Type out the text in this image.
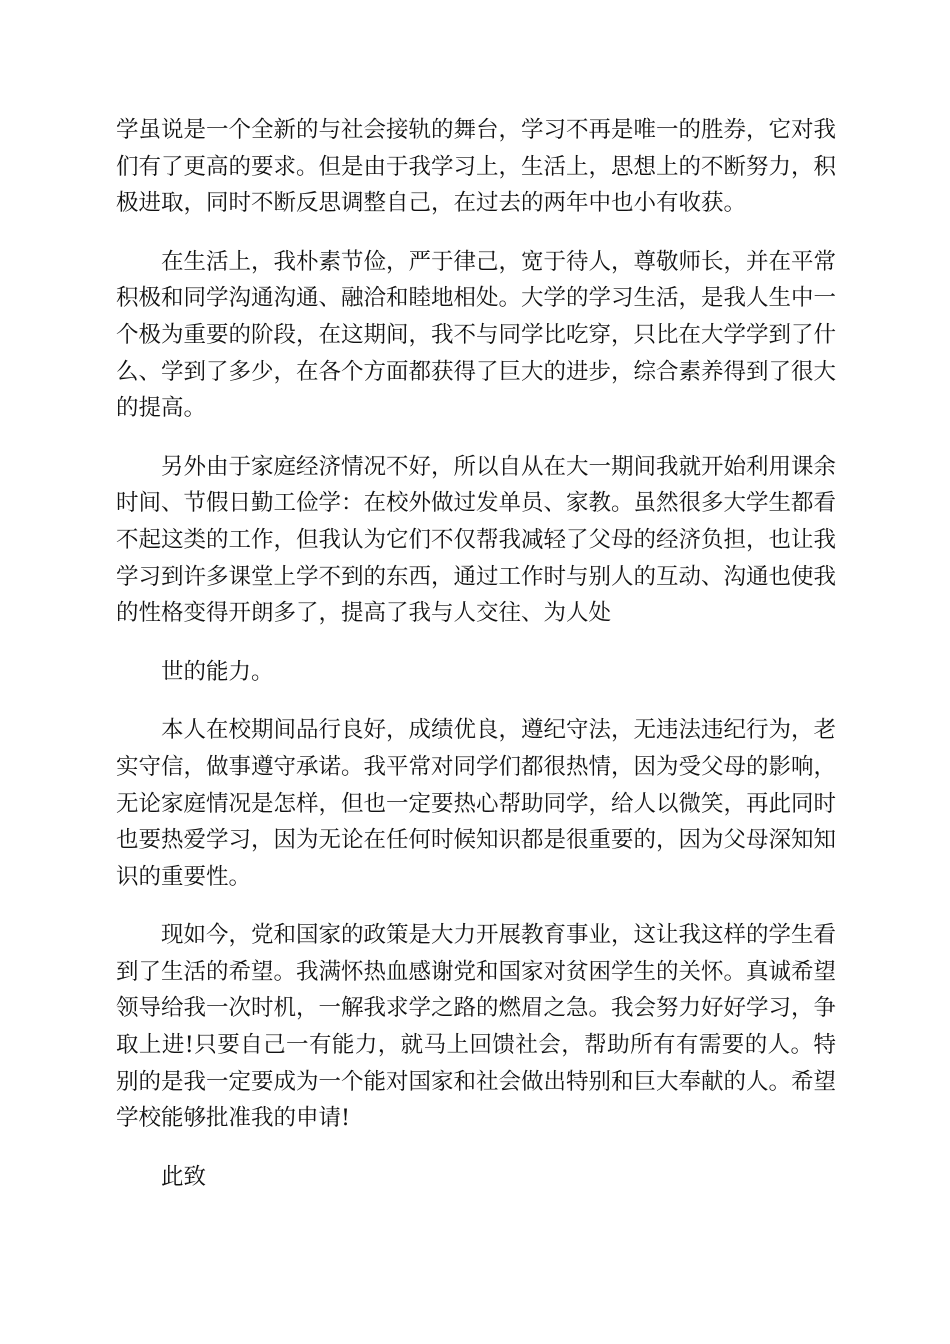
学虽说是一个全新的与社会接轨的舞台，学习不再是唯一的胜券，它对我们有了更高的要求。但是由于我学习上，生活上，思想上的不断努力，积极进取，同时不断反思调整自己，在过去的两年中也小有收获。

在生活上，我朴素节俭，严于律己，宽于待人，尊敬师长，并在平常积极和同学沟通沟通、融洽和睦地相处。大学的学习生活，是我人生中一个极为重要的阶段，在这期间，我不与同学比吃穿，只比在大学学到了什么、学到了多少，在各个方面都获得了巨大的进步，综合素养得到了很大的提高。

另外由于家庭经济情况不好，所以自从在大一期间我就开始利用课余时间、节假日勤工俭学：在校外做过发单员、家教。虽然很多大学生都看不起这类的工作，但我认为它们不仅帮我减轻了父母的经济负担，也让我学习到许多课堂上学不到的东西，通过工作时与别人的互动、沟通也使我的性格变得开朗多了，提高了我与人交往、为人处

世的能力。

本人在校期间品行良好，成绩优良，遵纪守法，无违法违纪行为，老实守信，做事遵守承诺。我平常对同学们都很热情，因为受父母的影响，无论家庭情况是怎样，但也一定要热心帮助同学，给人以微笑，再此同时也要热爱学习，因为无论在任何时候知识都是很重要的，因为父母深知知识的重要性。

现如今，党和国家的政策是大力开展教育事业，这让我这样的学生看到了生活的希望。我满怀热血感谢党和国家对贫困学生的关怀。真诚希望领导给我一次时机，一解我求学之路的燃眉之急。我会努力好好学习，争取上进!只要自己一有能力，就马上回馈社会，帮助所有有需要的人。特别的是我一定要成为一个能对国家和社会做出特别和巨大奉献的人。希望学校能够批准我的申请!

此致
